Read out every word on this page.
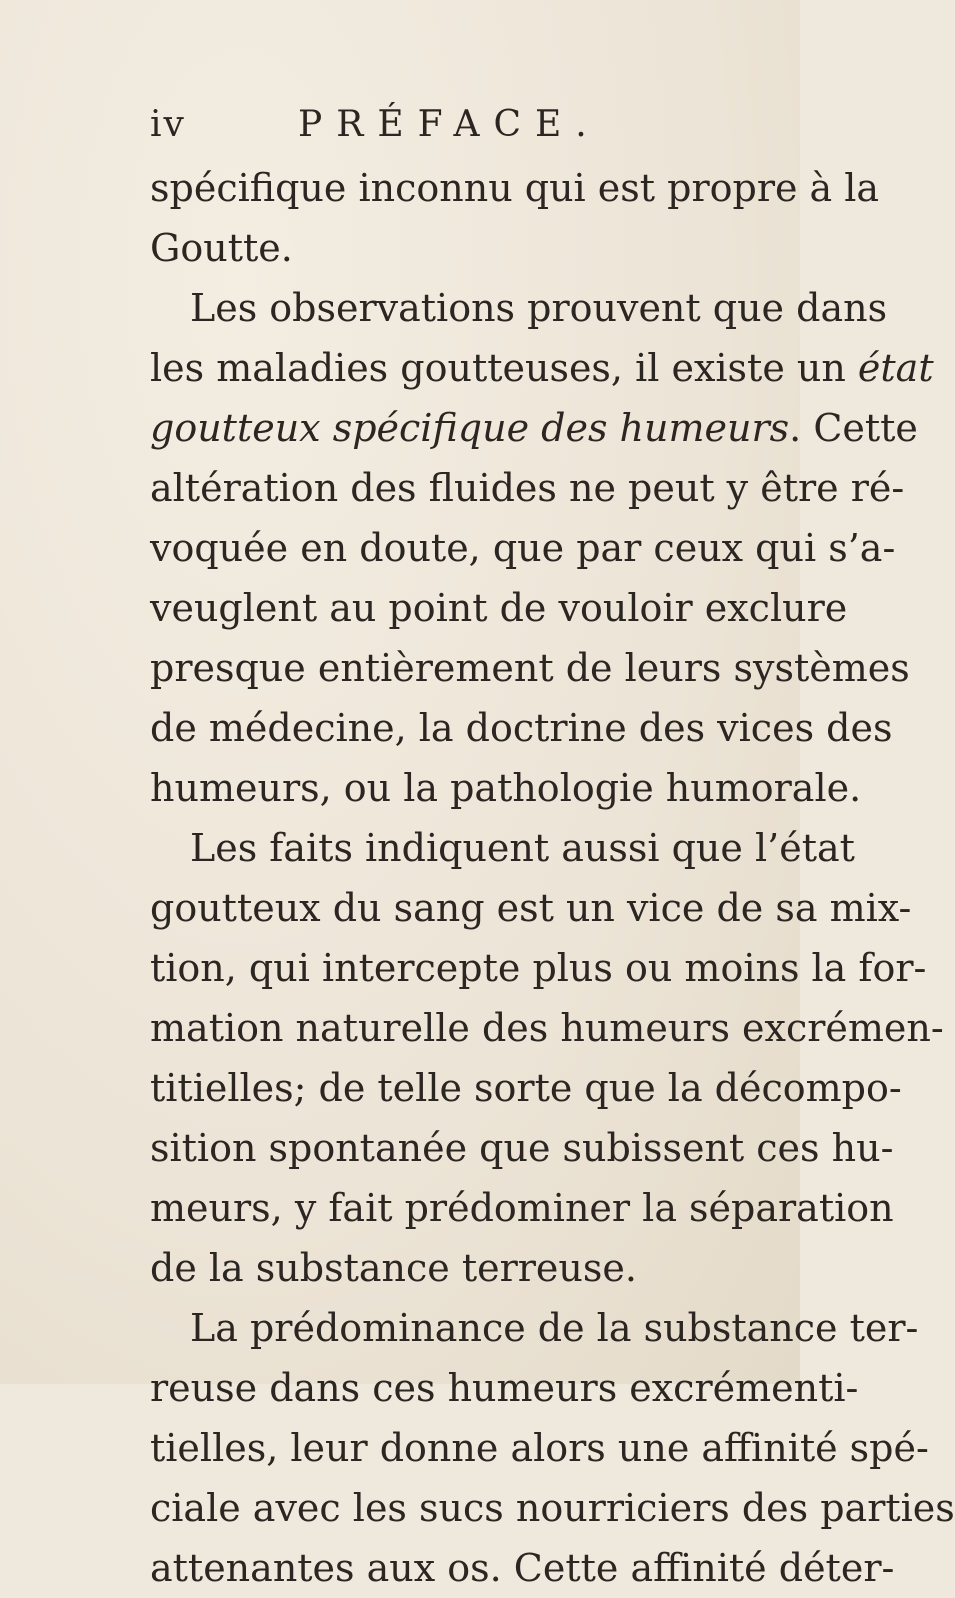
iv	PRÉFACE.
spécifique inconnu qui est propre à la
Goutte.
Les observations prouvent que dans
les maladies goutteuses, il existe un état
goutteux spécifique des humeurs. Cette
altération des fluides ne peut y être ré-
voquée en doute, que par ceux qui s’a-
veuglent au point de vouloir exclure
presque entièrement de leurs systèmes
de médecine, la doctrine des vices des
humeurs, ou la pathologie humorale.
Les faits indiquent aussi que l’état
goutteux du sang est un vice de sa mix-
tion, qui intercepte plus ou moins la for-
mation naturelle des humeurs excrémen-
titielles; de telle sorte que la décompo-
sition spontanée que subissent ces hu-
meurs, y fait prédominer la séparation
de la substance terreuse.
La prédominance de la substance ter-
reuse dans ces humeurs excrémenti-
tielles, leur donne alors une affinité spé-
ciale avec les sucs nourriciers des parties
attenantes aux os. Cette affinité déter-
